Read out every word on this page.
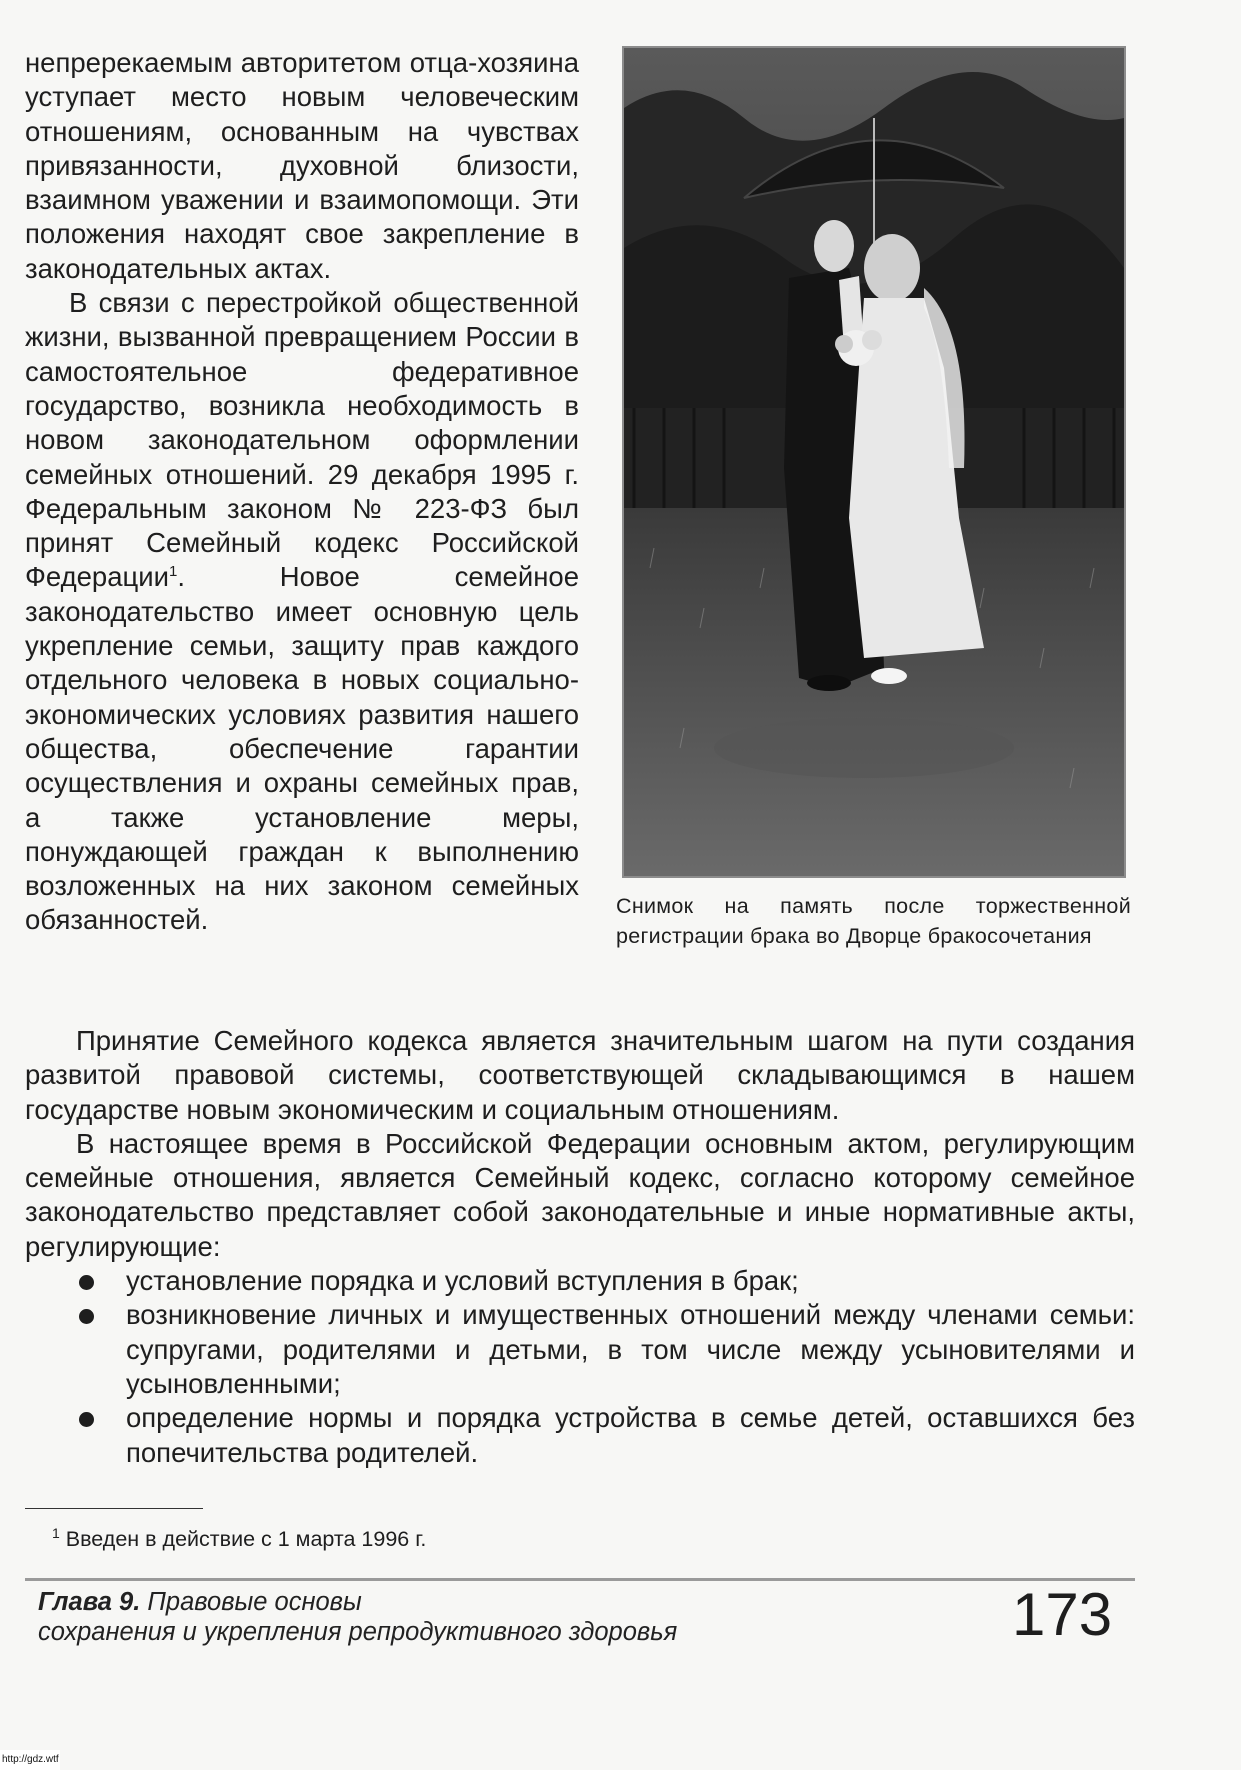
непререкаемым авторитетом отца-хозяина уступает место новым человеческим отношениям, основанным на чувствах привязанности, духовной близости, взаимном уважении и взаимопомощи. Эти положения находят свое закрепление в законодательных актах.

В связи с перестройкой общественной жизни, вызванной превращением России в самостоятельное федеративное государство, возникла необходимость в новом законодательном оформлении семейных отношений. 29 декабря 1995 г. Федеральным законом № 223-ФЗ был принят Семейный кодекс Российской Федерации$^1$. Новое семейное законодательство имеет основную цель укрепление семьи, защиту прав каждого отдельного человека в новых социально-экономических условиях развития нашего общества, обеспечение гарантии осуществления и охраны семейных прав, а также установление меры, понуждающей граждан к выполнению возложенных на них законом семейных обязанностей.	Снимок на память после торжественной регистрации брака во Дворце бракосочетания

Принятие Семейного кодекса является значительным шагом на пути создания развитой правовой системы, соответствующей складывающимся в нашем государстве новым экономическим и социальным отношениям.

В настоящее время в Российской Федерации основным актом, регулирующим семейные отношения, является Семейный кодекс, согласно которому семейное законодательство представляет собой законодательные и иные нормативные акты, регулирующие:

установление порядка и условий вступления в брак;
возникновение личных и имущественных отношений между членами семьи: супругами, родителями и детьми, в том числе между усыновителями и усыновленными;
определение нормы и порядка устройства в семье детей, оставшихся без попечительства родителей.
$^1$ Введен в действие с 1 марта 1996 г.
Глава 9. Правовые основы
сохранения и укрепления репродуктивного здоровья	173
http://gdz.wtf
